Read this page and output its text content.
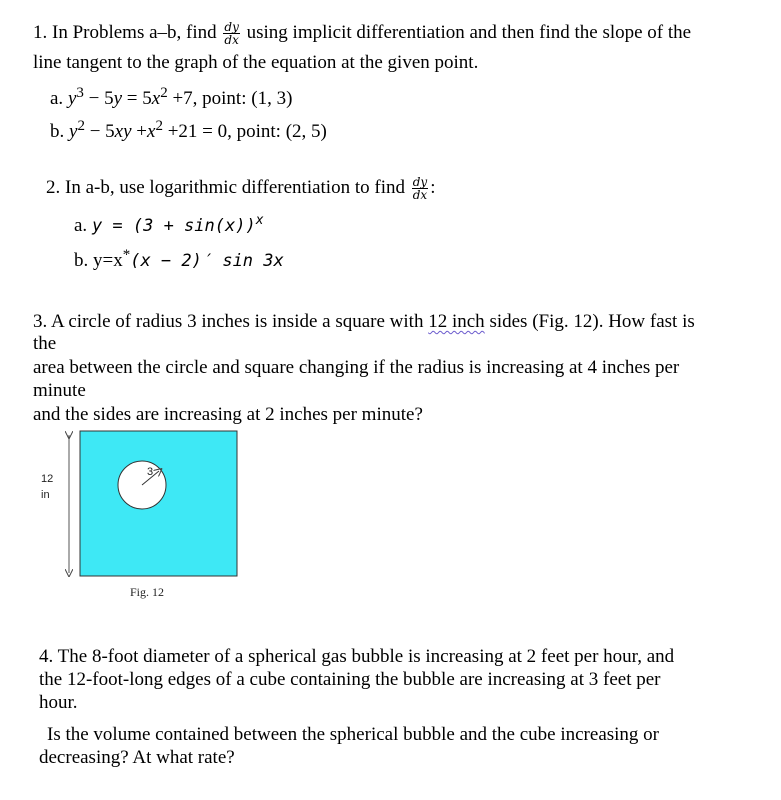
1. In Problems a–b, find $\frac{dy}{dx}$ using implicit differentiation and then find the slope of the
line tangent to the graph of the equation at the given point.
a. $y^3 - 5y = 5x^2 +7$, point: (1, 3)
b. $y^2 - 5xy +x^2 +21 = 0$, point: (2, 5)
2. In a-b, use logarithmic differentiation to find $\frac{dy}{dx}$ :
a. $y = (3 + \sin(x))^x$
b. y=x*(x − 2)′ sin 3x
3. A circle of radius 3 inches is inside a square with 12 inch sides (Fig. 12). How fast is
the
area between the circle and square changing if the radius is increasing at 4 inches per
minute
and the sides are increasing at 2 inches per minute?
12
in
3
Fig. 12
4. The 8-foot diameter of a spherical gas bubble is increasing at 2 feet per hour, and
the 12-foot-long edges of a cube containing the bubble are increasing at 3 feet per
hour.
Is the volume contained between the spherical bubble and the cube increasing or
decreasing? At what rate?
